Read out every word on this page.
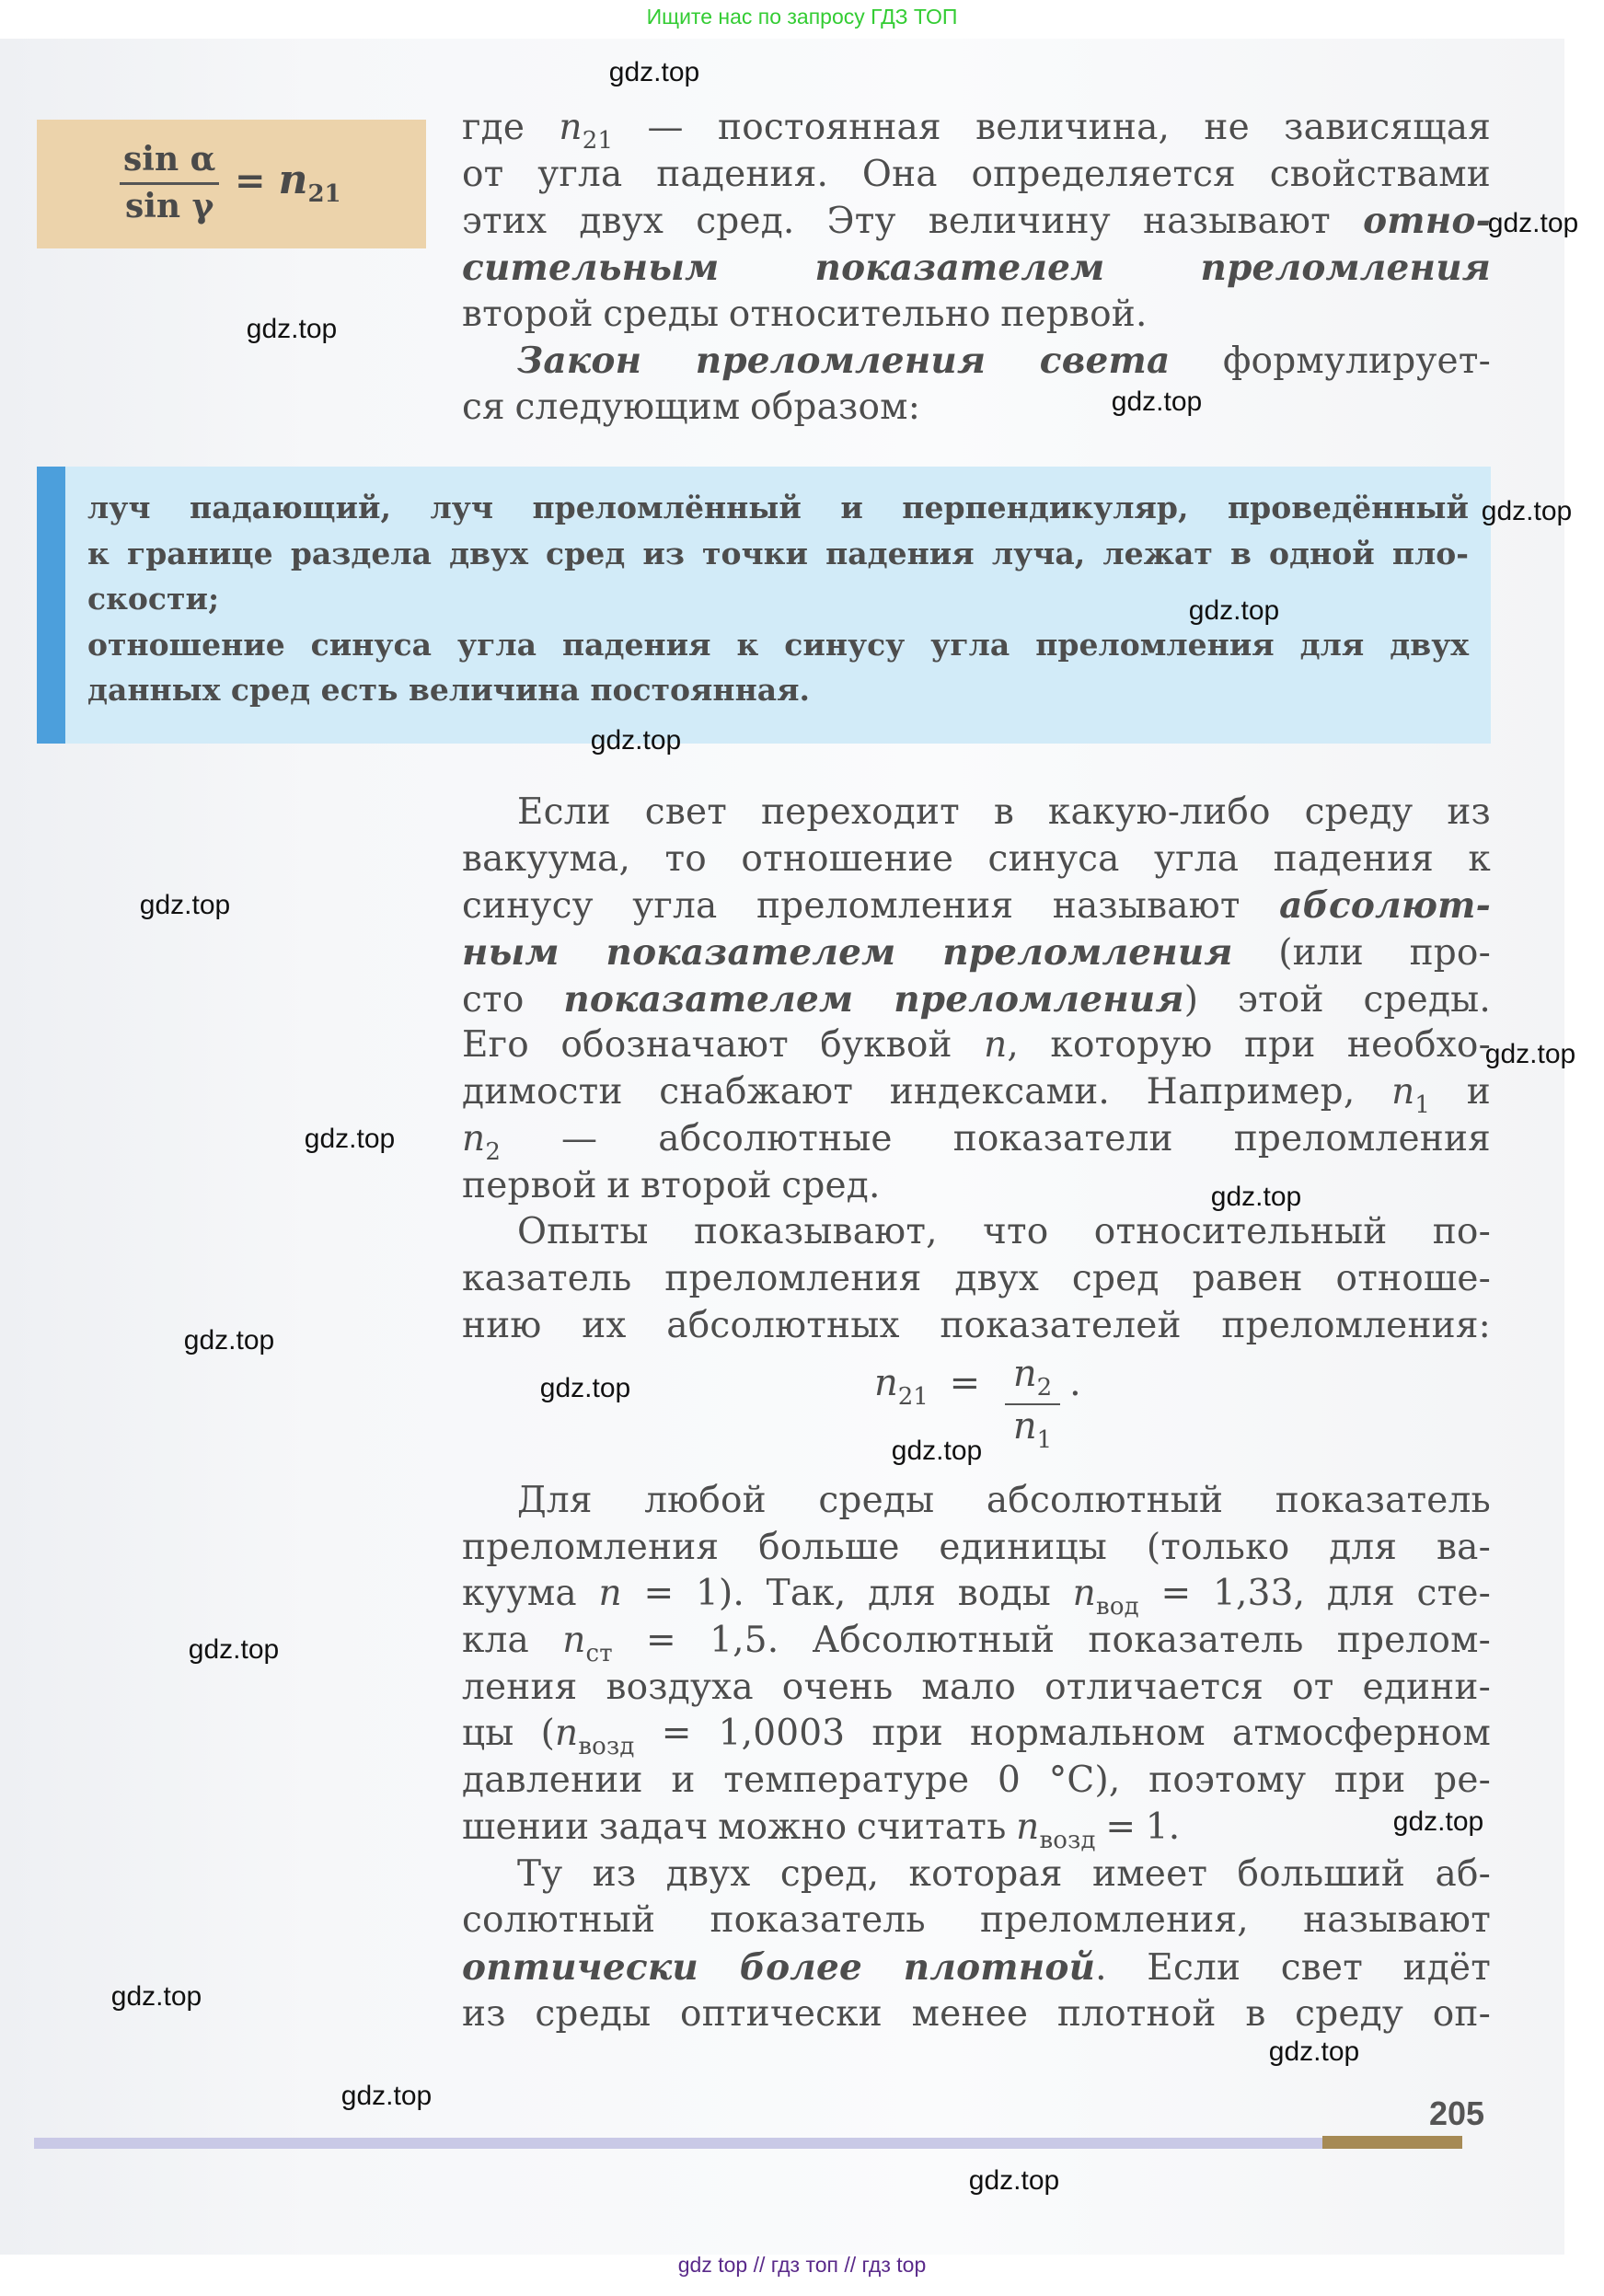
Ищите нас по запросу ГДЗ ТОП
$\frac{\text{sin α}}{\text{sin γ}} = n_{21}$
где $n_{21}$ — постоянная величина, не зависящая
от угла падения. Она определяется свойствами
этих двух сред. Эту величину называют отно-
сительным показателем преломления
второй среды относительно первой.
Закон преломления света формулирует-
ся следующим образом:
луч падающий, луч преломлённый и перпендикуляр, проведённый
к границе раздела двух сред из точки падения луча, лежат в одной пло-
скости;
отношение синуса угла падения к синусу угла преломления для двух
данных сред есть величина постоянная.
Если свет переходит в какую-либо среду из
вакуума, то отношение синуса угла падения к
синусу угла преломления называют абсолют-
ным показателем преломления (или про-
сто показателем преломления) этой среды.
Его обозначают буквой n, которую при необхо-
димости снабжают индексами. Например, $n_1$ и
$n_2$ — абсолютные показатели преломления
первой и второй сред.
Опыты показывают, что относительный по-
казатель преломления двух сред равен отноше-
нию их абсолютных показателей преломления:
$n_{21} = n_2$
$n_1$
.
Для любой среды абсолютный показатель
преломления больше единицы (только для ва-
куума n = 1). Так, для воды $n_{вод} = 1,33$, для сте-
кла $n_{ст} = 1,5$. Абсолютный показатель прелом-
ления воздуха очень мало отличается от едини-
цы ($n_{возд} = 1,0003$ при нормальном атмосферном
давлении и температуре 0 °С), поэтому при ре-
шении задач можно считать $n_{возд} = 1$.
Ту из двух сред, которая имеет больший аб-
солютный показатель преломления, называют
оптически более плотной. Если свет идёт
из среды оптически менее плотной в среду оп-
205
gdz.top
gdz.top
gdz.top
gdz.top
gdz.top
gdz.top
gdz.top
gdz.top
gdz.top
gdz.top
gdz.top
gdz.top
gdz.top
gdz.top
gdz.top
gdz.top
gdz.top
gdz.top
gdz.top
gdz.top
gdz top // гдз топ // гдз top
